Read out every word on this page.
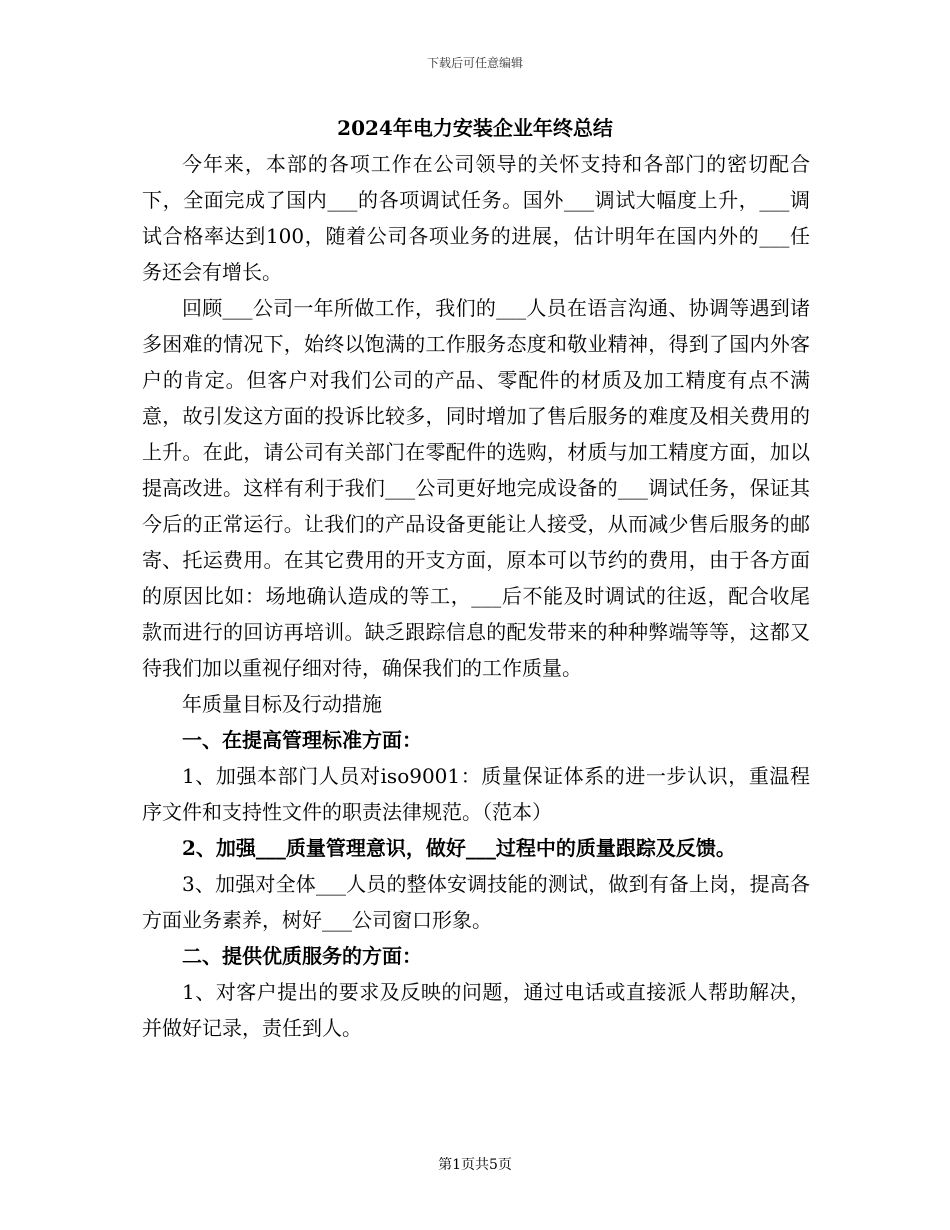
下载后可任意编辑
2024年电力安装企业年终总结

今年来，本部的各项工作在公司领导的关怀支持和各部门的密切配合下，全面完成了国内___的各项调试任务。国外___调试大幅度上升，___调试合格率达到100，随着公司各项业务的进展，估计明年在国内外的___任务还会有增长。

回顾___公司一年所做工作，我们的___人员在语言沟通、协调等遇到诸多困难的情况下，始终以饱满的工作服务态度和敬业精神，得到了国内外客户的肯定。但客户对我们公司的产品、零配件的材质及加工精度有点不满意，故引发这方面的投诉比较多，同时增加了售后服务的难度及相关费用的上升。在此，请公司有关部门在零配件的选购，材质与加工精度方面，加以提高改进。这样有利于我们___公司更好地完成设备的___调试任务，保证其今后的正常运行。让我们的产品设备更能让人接受，从而减少售后服务的邮寄、托运费用。在其它费用的开支方面，原本可以节约的费用，由于各方面的原因比如：场地确认造成的等工，___后不能及时调试的往返，配合收尾款而进行的回访再培训。缺乏跟踪信息的配发带来的种种弊端等等，这都又待我们加以重视仔细对待，确保我们的工作质量。

年质量目标及行动措施

一、在提高管理标准方面：

1、加强本部门人员对iso9001：质量保证体系的进一步认识，重温程序文件和支持性文件的职责法律规范。（范本）

2、加强___质量管理意识，做好___过程中的质量跟踪及反馈。

3、加强对全体___人员的整体安调技能的测试，做到有备上岗，提高各方面业务素养，树好___公司窗口形象。

二、提供优质服务的方面：

1、对客户提出的要求及反映的问题，通过电话或直接派人帮助解决，并做好记录，责任到人。

第1页共5页
